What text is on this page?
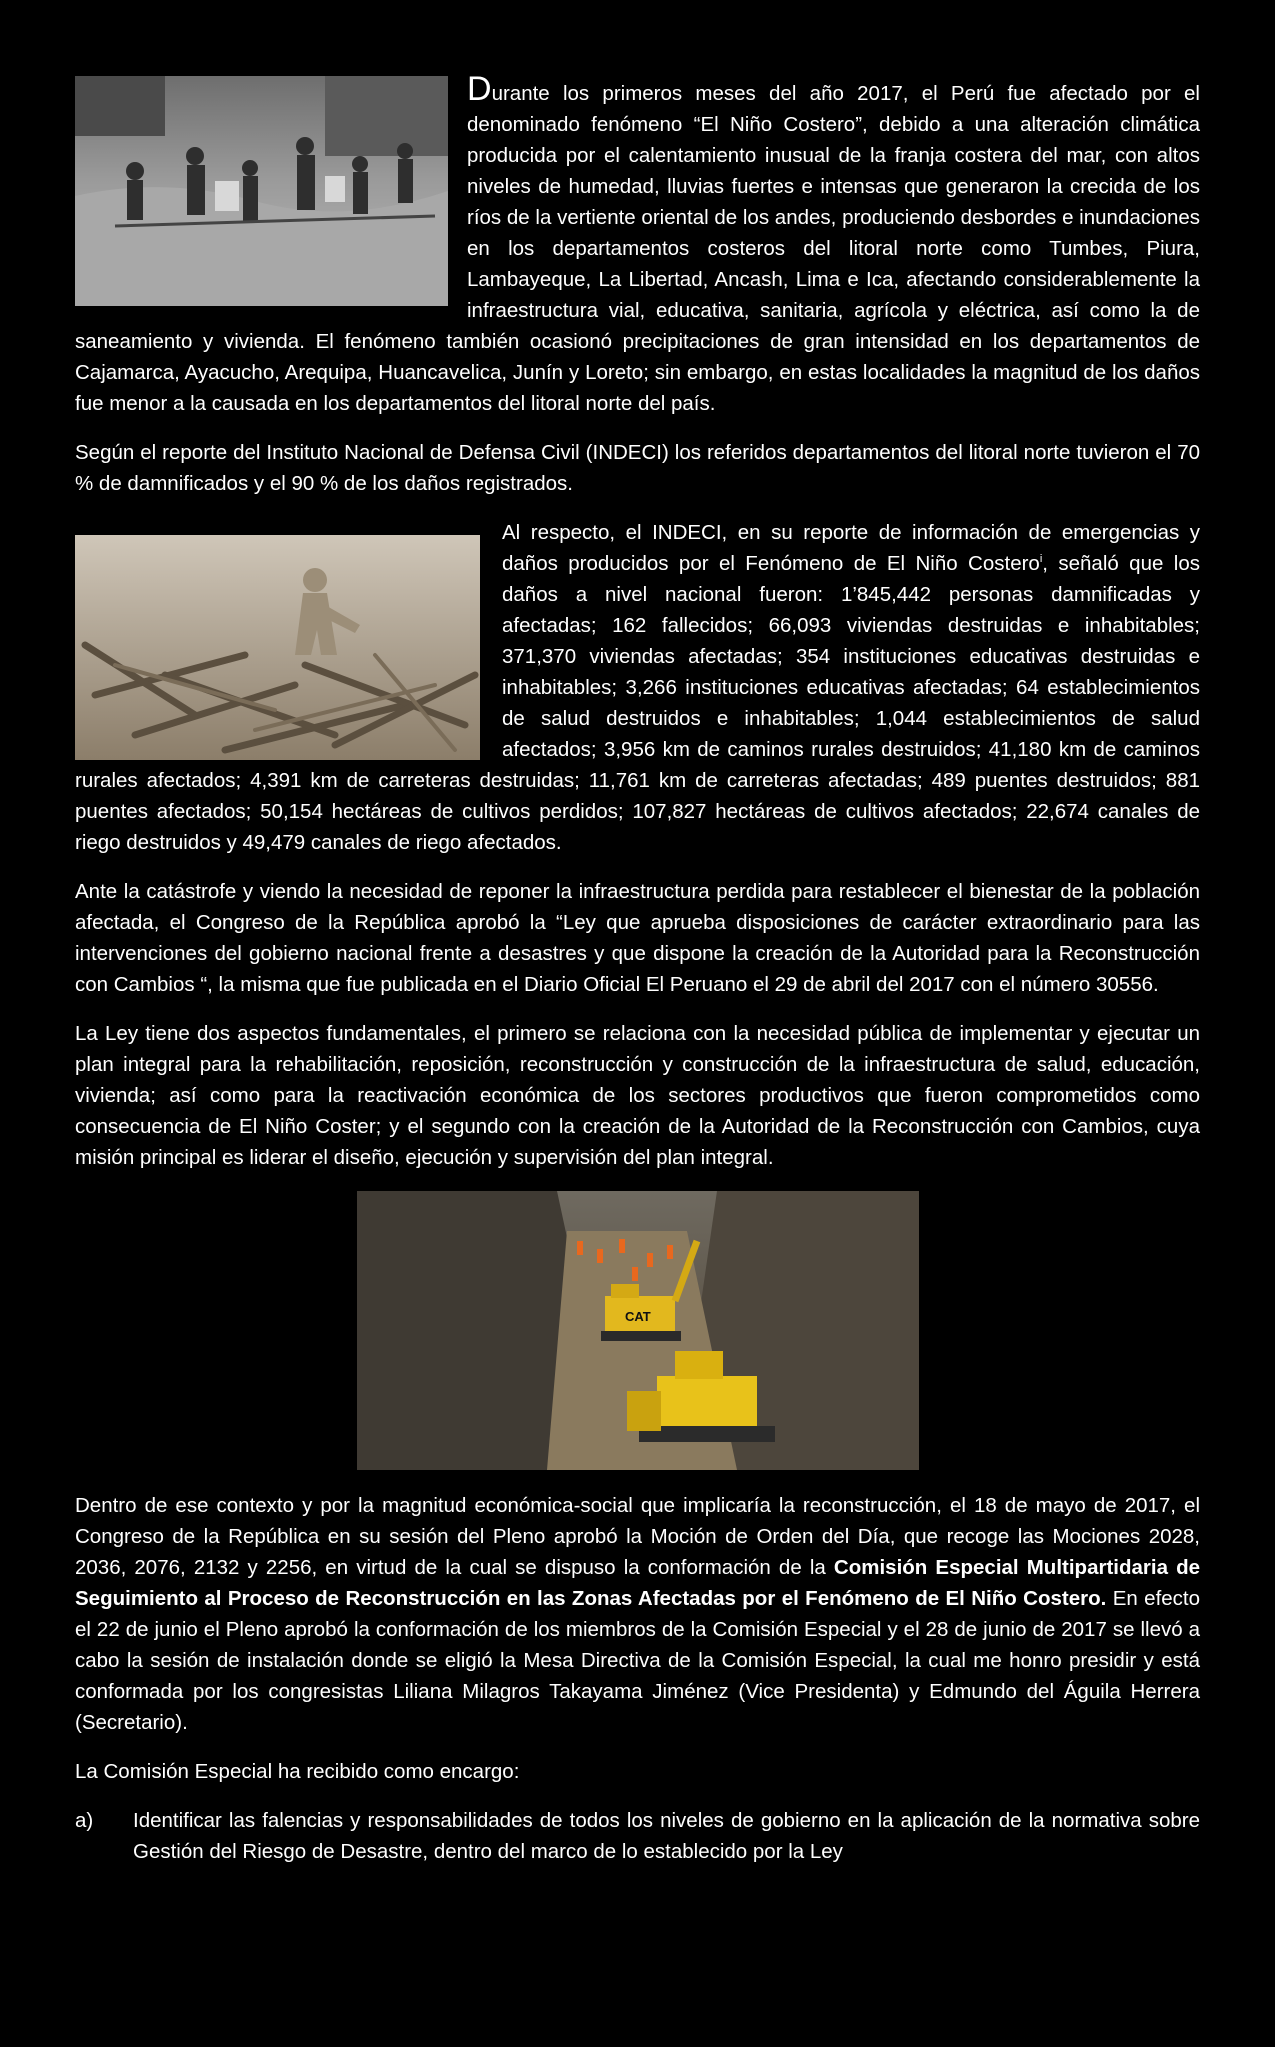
Durante los primeros meses del año 2017, el Perú fue afectado por el denominado fenómeno “El Niño Costero”, debido a una alteración climática producida por el calentamiento inusual de la franja costera del mar, con altos niveles de humedad, lluvias fuertes e intensas que generaron la crecida de los ríos de la vertiente oriental de los andes, produciendo desbordes e inundaciones en los departamentos costeros del litoral norte como Tumbes, Piura, Lambayeque, La Libertad, Ancash, Lima e Ica, afectando considerablemente la infraestructura vial, educativa, sanitaria, agrícola y eléctrica, así como la de saneamiento y vivienda. El fenómeno también ocasionó precipitaciones de gran intensidad en los departamentos de Cajamarca, Ayacucho, Arequipa, Huancavelica, Junín y Loreto; sin embargo, en estas localidades la magnitud de los daños fue menor a la causada en los departamentos del litoral norte del país.

Según el reporte del Instituto Nacional de Defensa Civil (INDECI) los referidos departamentos del litoral norte tuvieron el 70 % de damnificados y el 90 % de los daños registrados.

Al respecto, el INDECI, en su reporte de información de emergencias y daños producidos por el Fenómeno de El Niño Costero$^i$, señaló que los daños a nivel nacional fueron: 1’845,442 personas damnificadas y afectadas; 162 fallecidos; 66,093 viviendas destruidas e inhabitables; 371,370 viviendas afectadas; 354 instituciones educativas destruidas e inhabitables; 3,266 instituciones educativas afectadas; 64 establecimientos de salud destruidos e inhabitables; 1,044 establecimientos de salud afectados; 3,956 km de caminos rurales destruidos; 41,180 km de caminos rurales afectados; 4,391 km de carreteras destruidas; 11,761 km de carreteras afectadas; 489 puentes destruidos; 881 puentes afectados; 50,154 hectáreas de cultivos perdidos; 107,827 hectáreas de cultivos afectados; 22,674 canales de riego destruidos y 49,479 canales de riego afectados.

Ante la catástrofe y viendo la necesidad de reponer la infraestructura perdida para restablecer el bienestar de la población afectada, el Congreso de la República aprobó la “Ley que aprueba disposiciones de carácter extraordinario para las intervenciones del gobierno nacional frente a desastres y que dispone la creación de la Autoridad para la Reconstrucción con Cambios “, la misma que fue publicada en el Diario Oficial El Peruano el 29 de abril del 2017 con el número 30556.

La Ley tiene dos aspectos fundamentales, el primero se relaciona con la necesidad pública de implementar y ejecutar un plan integral para la rehabilitación, reposición, reconstrucción y construcción de la infraestructura de salud, educación, vivienda; así como para la reactivación económica de los sectores productivos que fueron comprometidos como consecuencia de El Niño Coster; y el segundo con la creación de la Autoridad de la Reconstrucción con Cambios, cuya misión principal es liderar el diseño, ejecución y supervisión del plan integral.

CAT

Dentro de ese contexto y por la magnitud económica-social que implicaría la reconstrucción, el 18 de mayo de 2017, el Congreso de la República en su sesión del Pleno aprobó la Moción de Orden del Día, que recoge las Mociones 2028, 2036, 2076, 2132 y 2256, en virtud de la cual se dispuso la conformación de la Comisión Especial Multipartidaria de Seguimiento al Proceso de Reconstrucción en las Zonas Afectadas por el Fenómeno de El Niño Costero. En efecto el 22 de junio el Pleno aprobó la conformación de los miembros de la Comisión Especial y el 28 de junio de 2017 se llevó a cabo la sesión de instalación donde se eligió la Mesa Directiva de la Comisión Especial, la cual me honro presidir y está conformada por los congresistas Liliana Milagros Takayama Jiménez (Vice Presidenta) y Edmundo del Águila Herrera (Secretario).

La Comisión Especial ha recibido como encargo:

a)	Identificar las falencias y responsabilidades de todos los niveles de gobierno en la aplicación de la normativa sobre Gestión del Riesgo de Desastre, dentro del marco de lo establecido por la Ley
